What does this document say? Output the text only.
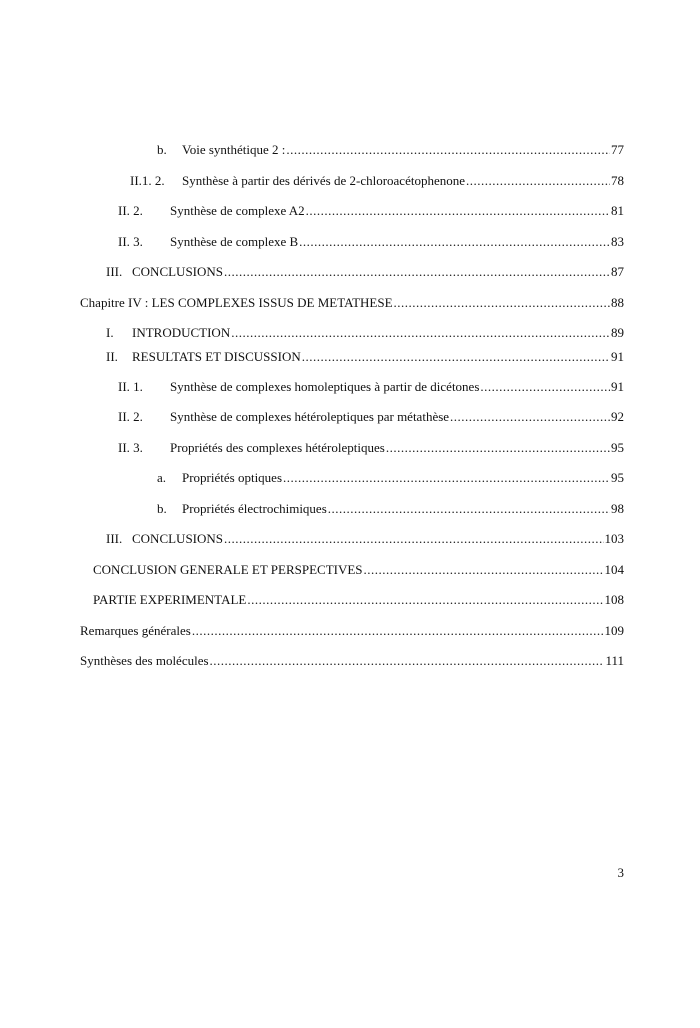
b.	Voie synthétique 2 : .....	77
II.1. 2.	Synthèse à partir des dérivés de 2-chloroacétophenone .....	78
II. 2.	Synthèse de complexe A2 .....	81
II. 3.	Synthèse de complexe B .....	83
III. CONCLUSIONS .....	87
Chapitre IV : LES COMPLEXES ISSUS DE METATHESE .....	88
I.	INTRODUCTION .....	89
II.	RESULTATS ET DISCUSSION .....	91
II. 1.	Synthèse de complexes homoleptiques à partir de dicétones .....	91
II. 2.	Synthèse de complexes hétéroleptiques par métathèse .....	92
II. 3.	Propriétés des complexes hétéroleptiques .....	95
a.	Propriétés optiques .....	95
b.	Propriétés électrochimiques .....	98
III. CONCLUSIONS .....	103
CONCLUSION GENERALE ET PERSPECTIVES .....	104
PARTIE EXPERIMENTALE .....	108
Remarques générales .....	109
Synthèses des molécules .....	111
3
